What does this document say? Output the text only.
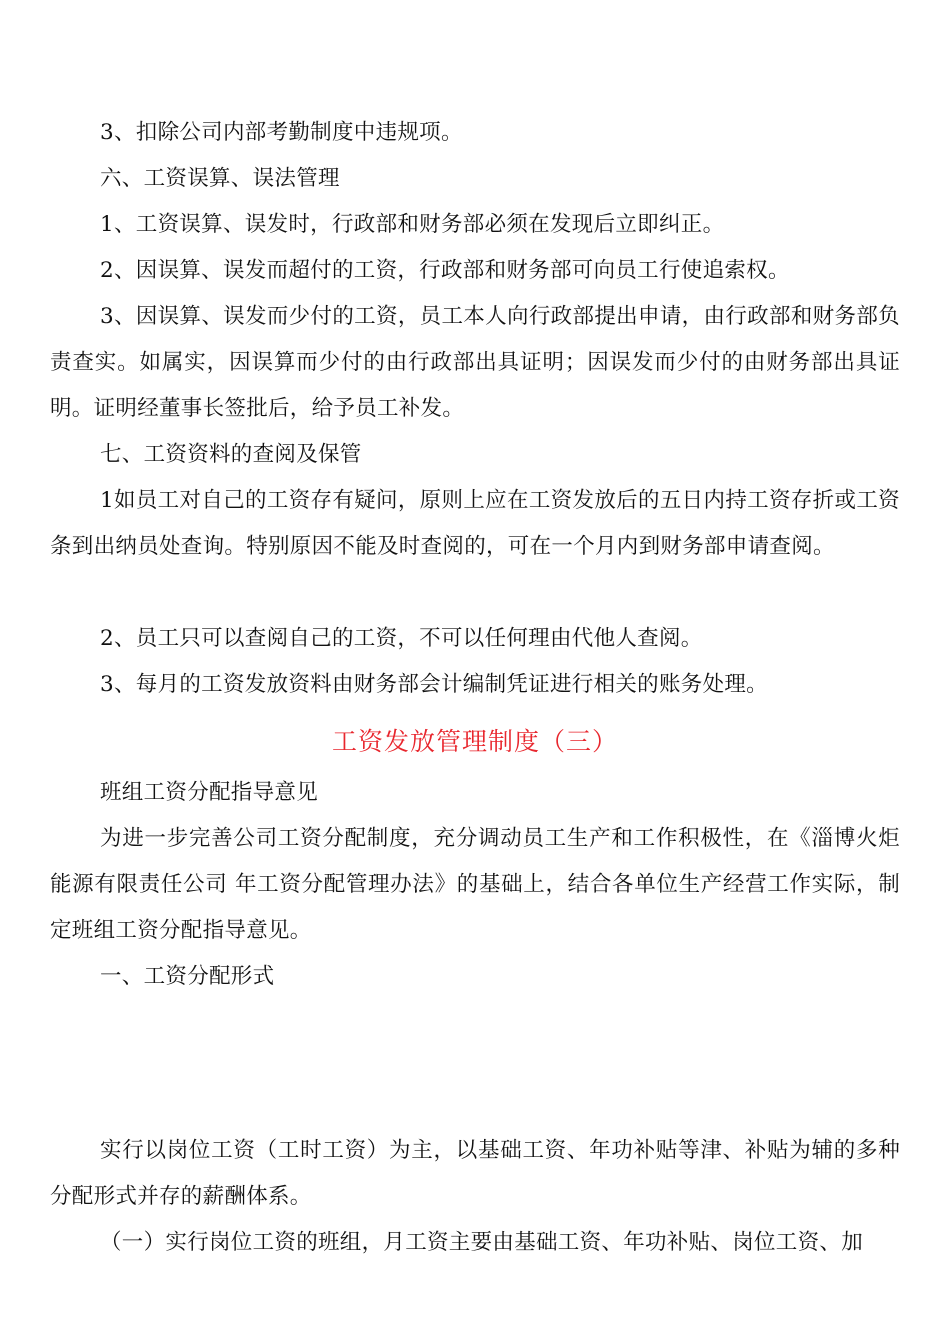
3、扣除公司内部考勤制度中违规项。

六、工资误算、误法管理

1、工资误算、误发时，行政部和财务部必须在发现后立即纠正。

2、因误算、误发而超付的工资，行政部和财务部可向员工行使追索权。

3、因误算、误发而少付的工资，员工本人向行政部提出申请，由行政部和财务部负责查实。如属实，因误算而少付的由行政部出具证明；因误发而少付的由财务部出具证明。证明经董事长签批后，给予员工补发。

七、工资资料的查阅及保管

1如员工对自己的工资存有疑问，原则上应在工资发放后的五日内持工资存折或工资条到出纳员处查询。特别原因不能及时查阅的，可在一个月内到财务部申请查阅。

2、员工只可以查阅自己的工资，不可以任何理由代他人查阅。

3、每月的工资发放资料由财务部会计编制凭证进行相关的账务处理。

工资发放管理制度（三）

班组工资分配指导意见

为进一步完善公司工资分配制度，充分调动员工生产和工作积极性，在《淄博火炬能源有限责任公司 年工资分配管理办法》的基础上，结合各单位生产经营工作实际，制定班组工资分配指导意见。

一、工资分配形式

实行以岗位工资（工时工资）为主，以基础工资、年功补贴等津、补贴为辅的多种分配形式并存的薪酬体系。

（一）实行岗位工资的班组，月工资主要由基础工资、年功补贴、岗位工资、加
